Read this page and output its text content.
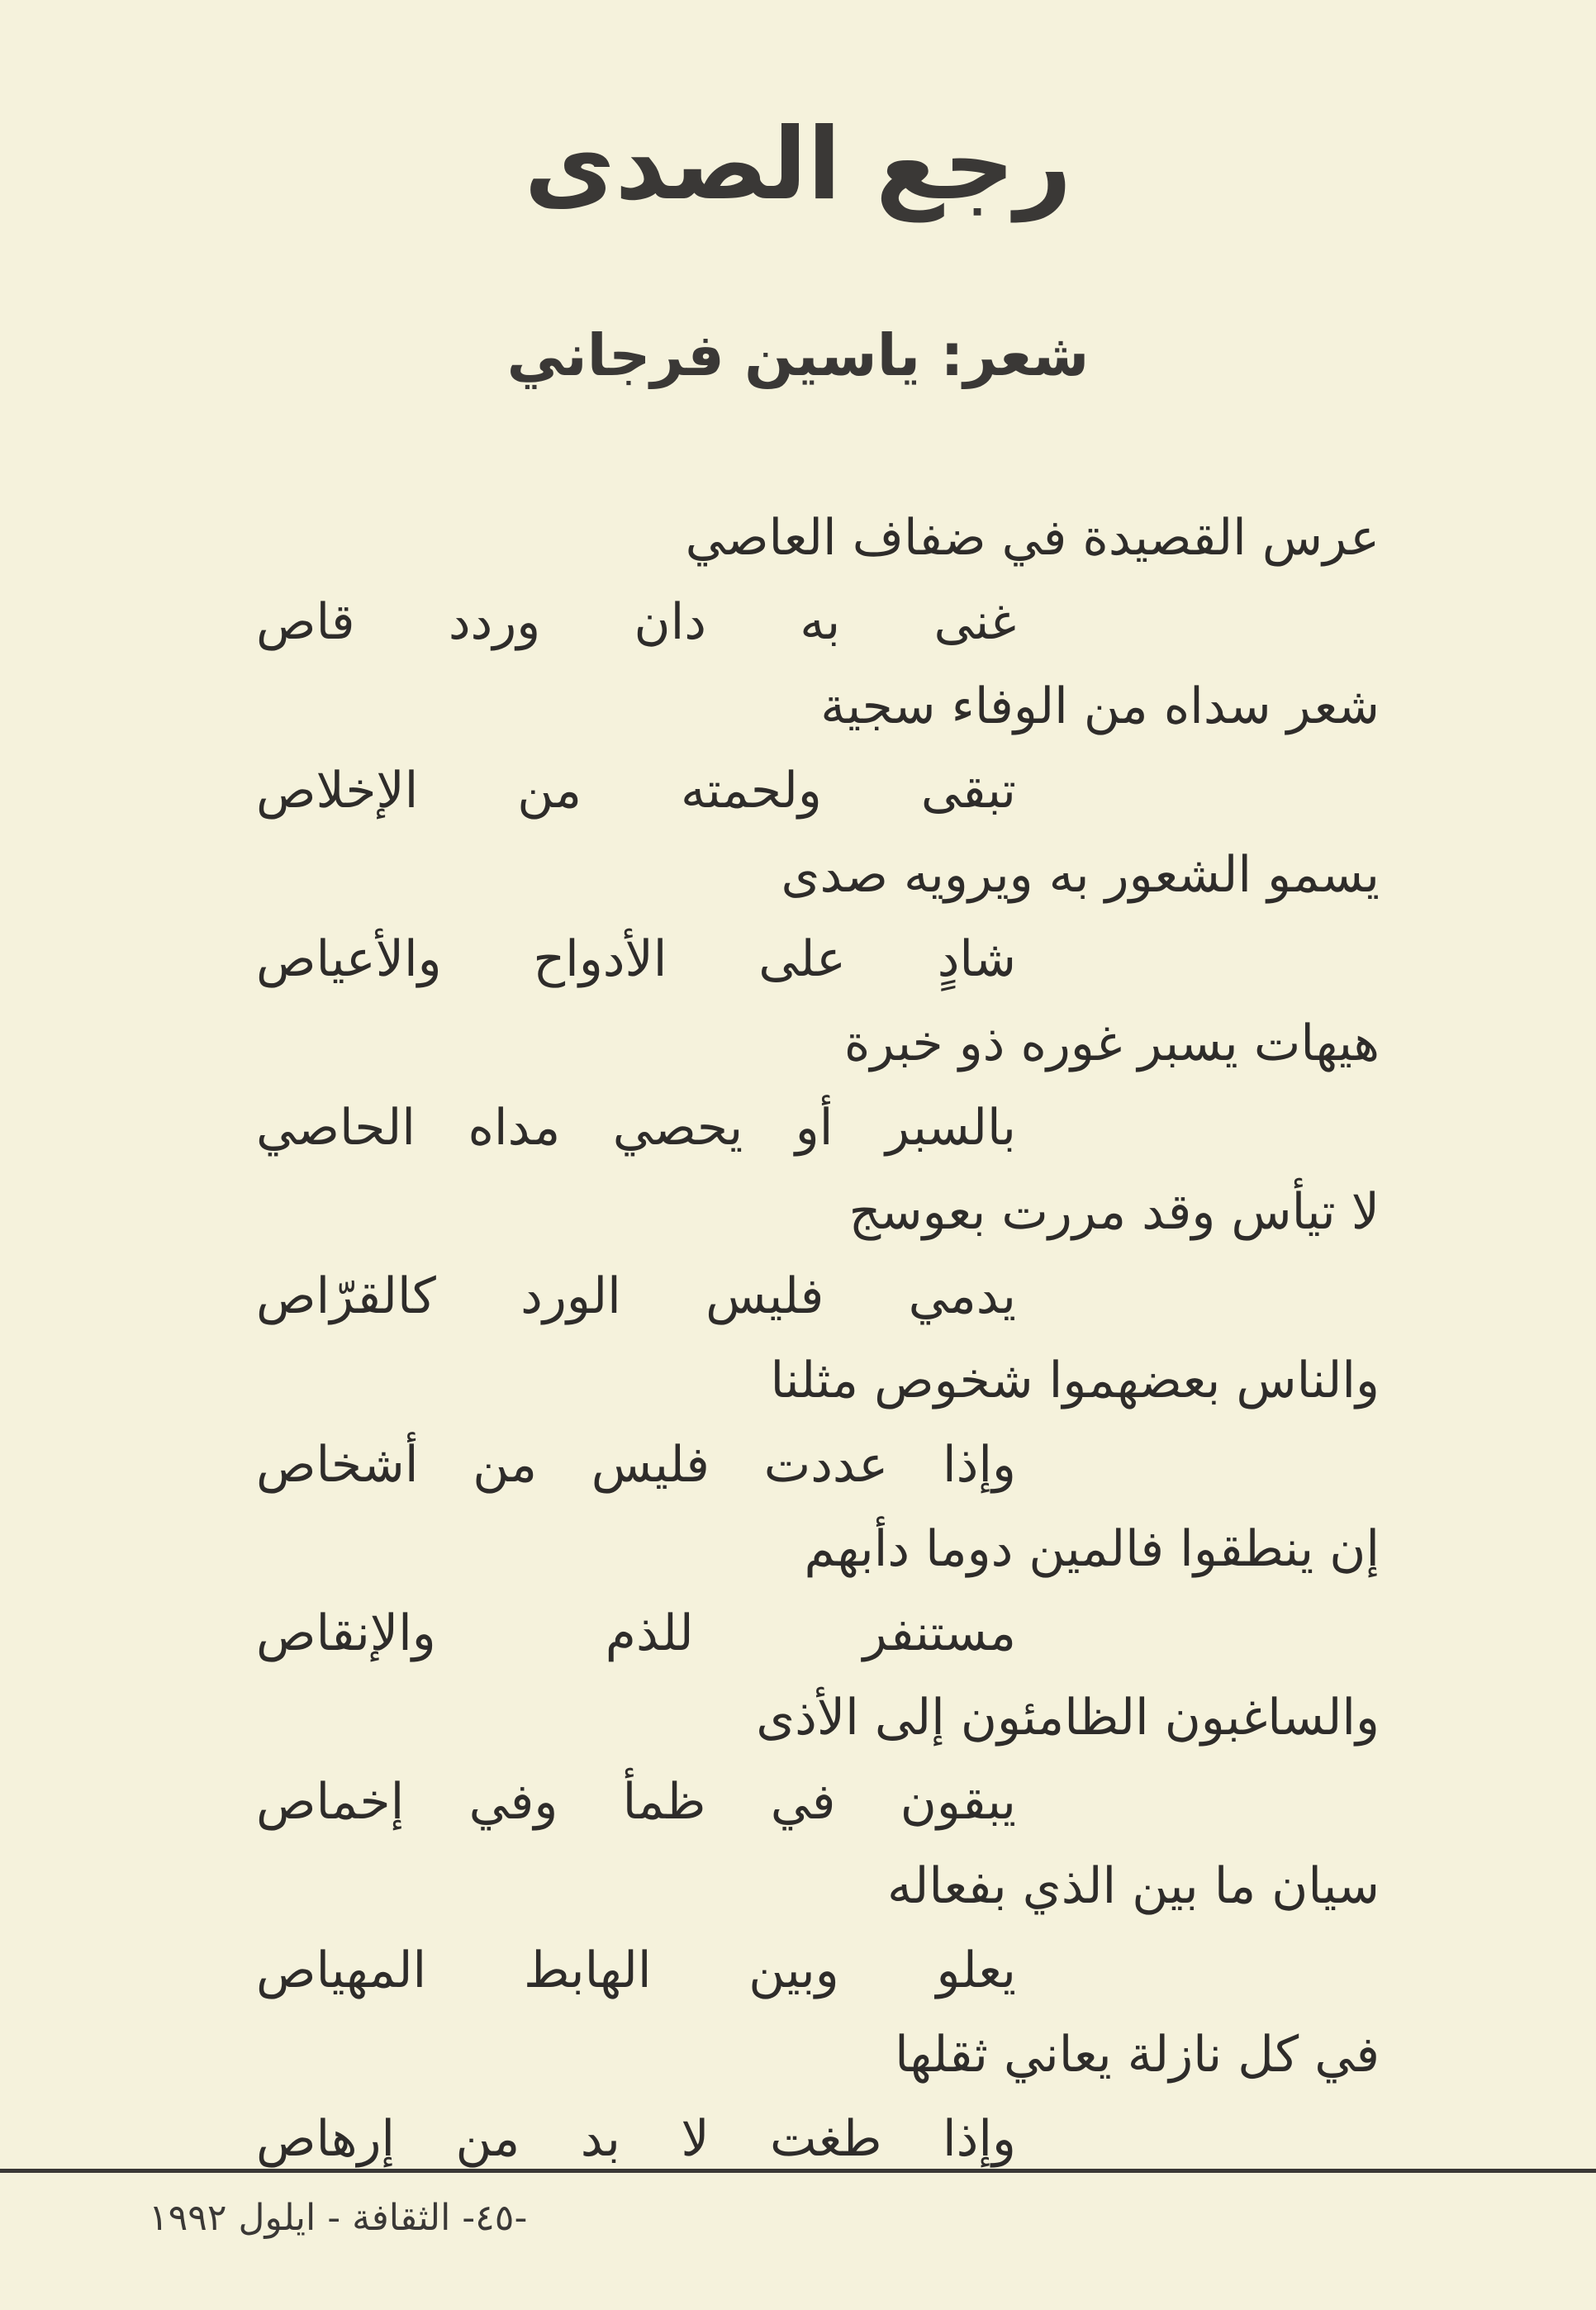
رجع الصدى
شعر: ياسين فرجاني
عرس القصيدة في ضفاف العاصي
غنى به دان وردد قاص
شعر سداه من الوفاء سجية
تبقى ولحمته من الإخلاص
يسمو الشعور به ويرويه صدى
شادٍ على الأدواح والأعياص
هيهات يسبر غوره ذو خبرة
بالسبر أو يحصي مداه الحاصي
لا تيأس وقد مررت بعوسج
يدمي فليس الورد كالقرّاص
والناس بعضهموا شخوص مثلنا
وإذا عددت فليس من أشخاص
إن ينطقوا فالمين دوما دأبهم
مستنفر للذم والإنقاص
والساغبون الظامئون إلى الأذى
يبقون في ظمأ وفي إخماص
سيان ما بين الذي بفعاله
يعلو وبين الهابط المهياص
في كل نازلة يعاني ثقلها
وإذا طغت لا بد من إرهاص
-٤٥- الثقافة - ايلول ١٩٩٢
